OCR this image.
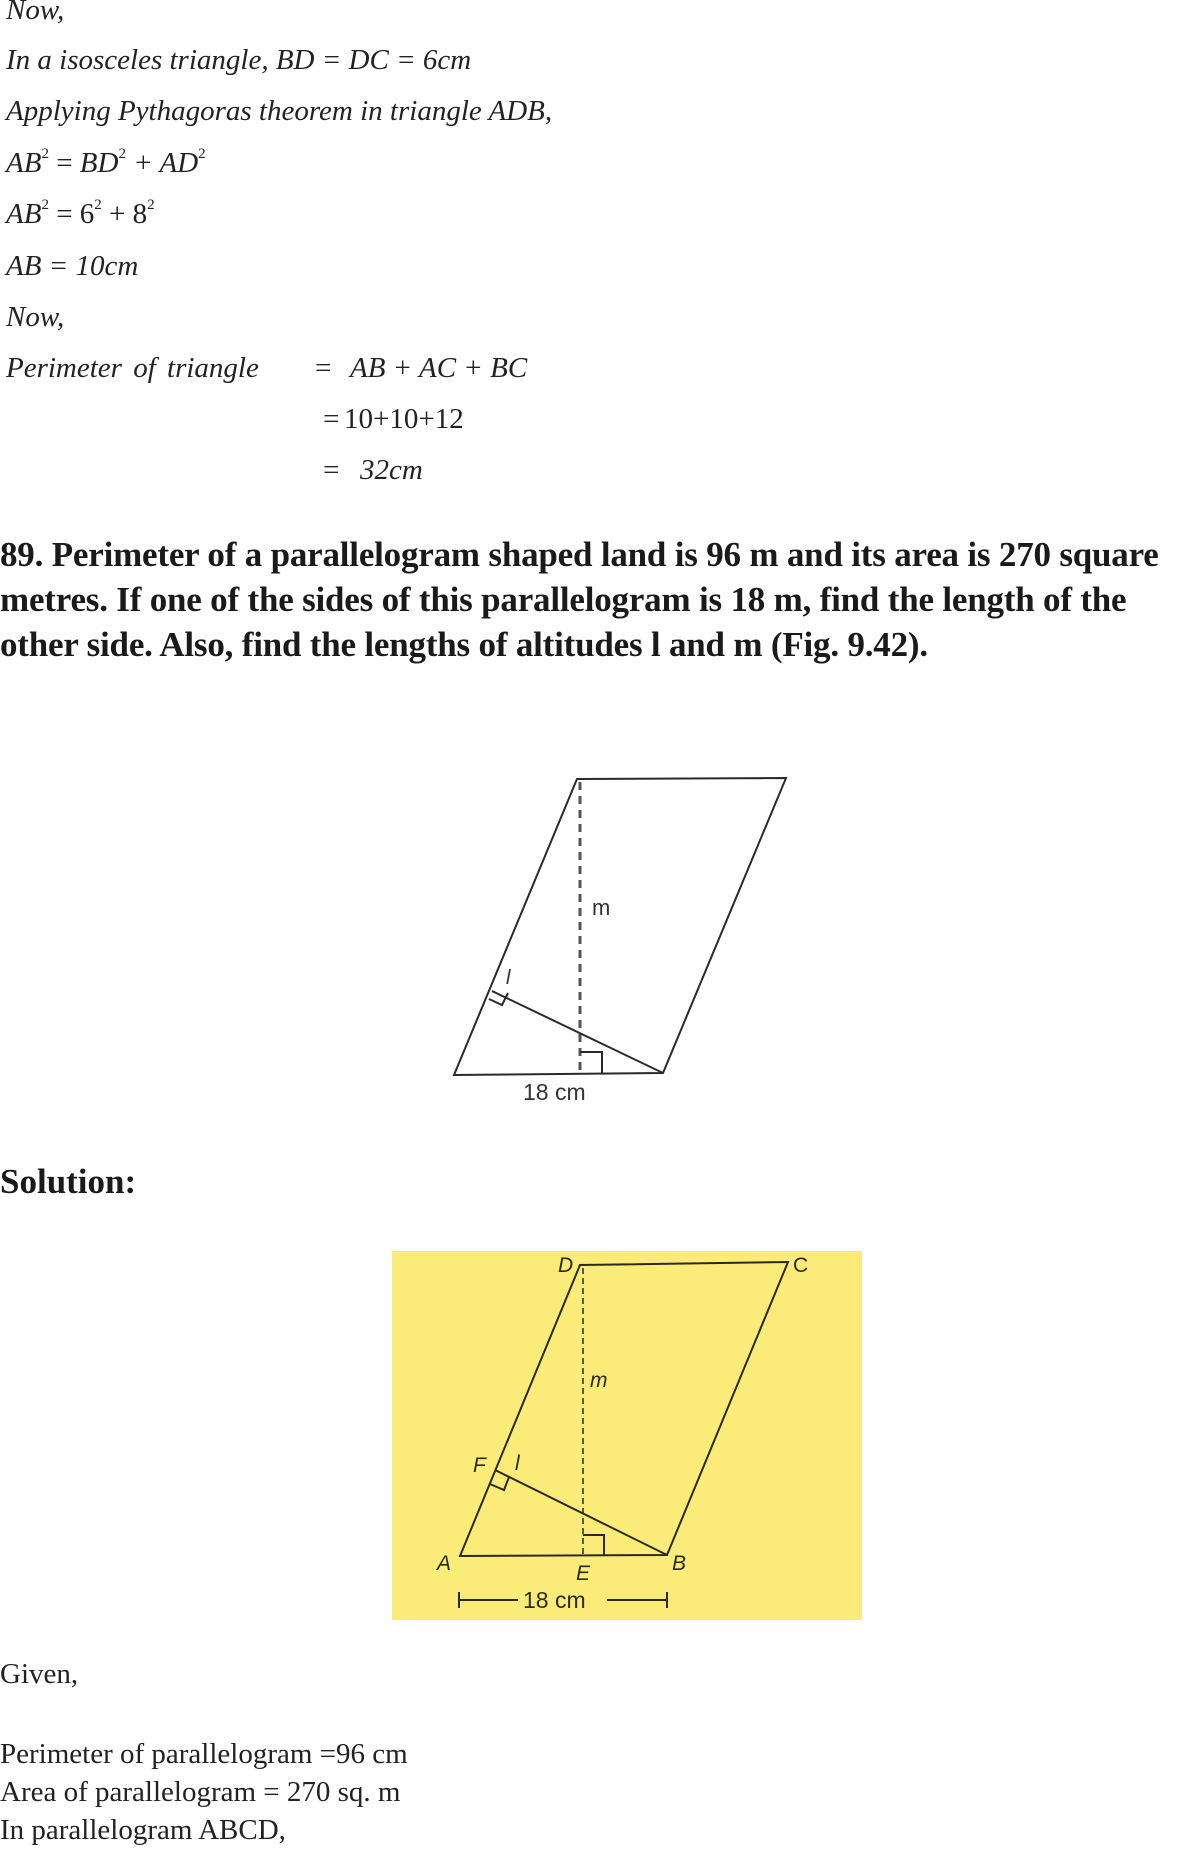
Now,
In a isosceles triangle, BD = DC = 6cm
Applying Pythagoras theorem in triangle ADB,
$AB^2 = BD^2 + AD^2$
$AB^2 = 6^2 + 8^2$
AB = 10cm
Now,
Perimeter of triangle = AB + AC + BC
= 10+10+12
= 32cm
89. Perimeter of a parallelogram shaped land is 96 m and its area is 270 square metres. If one of the sides of this parallelogram is 18 m, find the length of the other side. Also, find the lengths of altitudes l and m (Fig. 9.42).
m
l
18 cm
Solution:
D	C
A	B
E
F
m
l
18 cm
Given,
Perimeter of parallelogram =96 cm
Area of parallelogram = 270 sq. m
In parallelogram ABCD,
